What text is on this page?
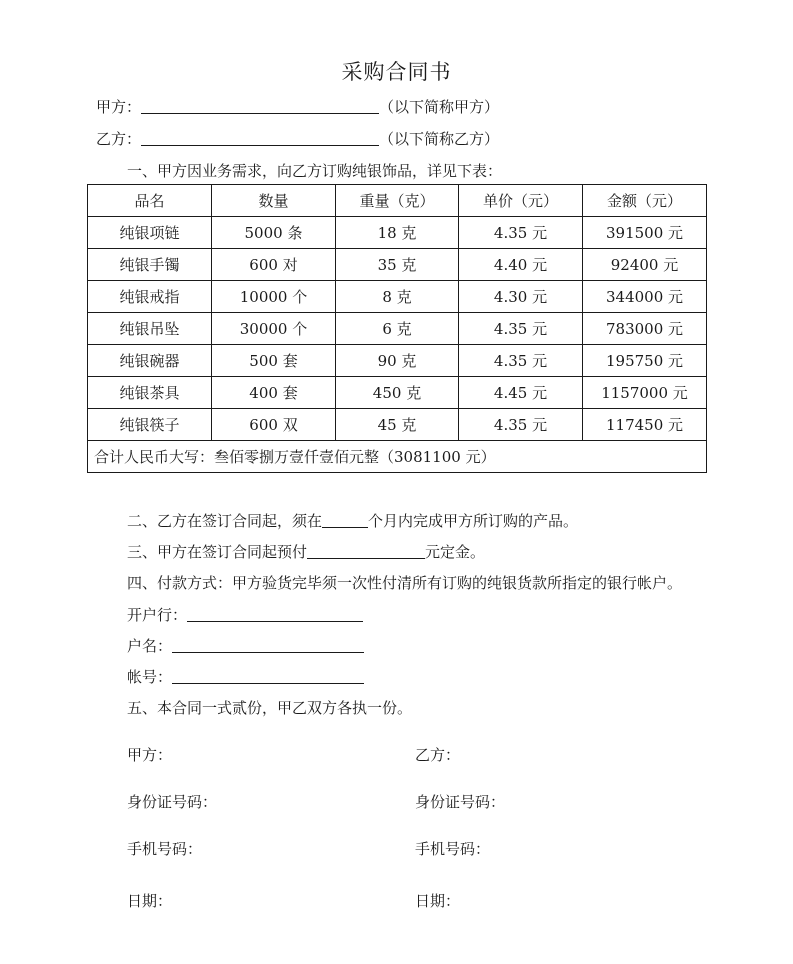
采购合同书
甲方：	（以下简称甲方）
乙方：	（以下简称乙方）
一、甲方因业务需求，向乙方订购纯银饰品，详见下表：
品名	数量	重量（克）	单价（元）	金额（元）
纯银项链	5000 条	18 克	4.35 元	391500 元
纯银手镯	600 对	35 克	4.40 元	92400 元
纯银戒指	10000 个	8 克	4.30 元	344000 元
纯银吊坠	30000 个	6 克	4.35 元	783000 元
纯银碗器	500 套	90 克	4.35 元	195750 元
纯银茶具	400 套	450 克	4.45 元	1157000 元
纯银筷子	600 双	45 克	4.35 元	117450 元
合计人民币大写：叁佰零捌万壹仟壹佰元整（3081100 元）				
二、乙方在签订合同起，须在	个月内完成甲方所订购的产品。
三、甲方在签订合同起预付	元定金。
四、付款方式：甲方验货完毕须一次性付清所有订购的纯银货款所指定的银行帐户。
开户行：
户名：
帐号：
五、本合同一式贰份，甲乙双方各执一份。
甲方：	乙方：
身份证号码：	身份证号码：
手机号码：	手机号码：
日期：	日期：
